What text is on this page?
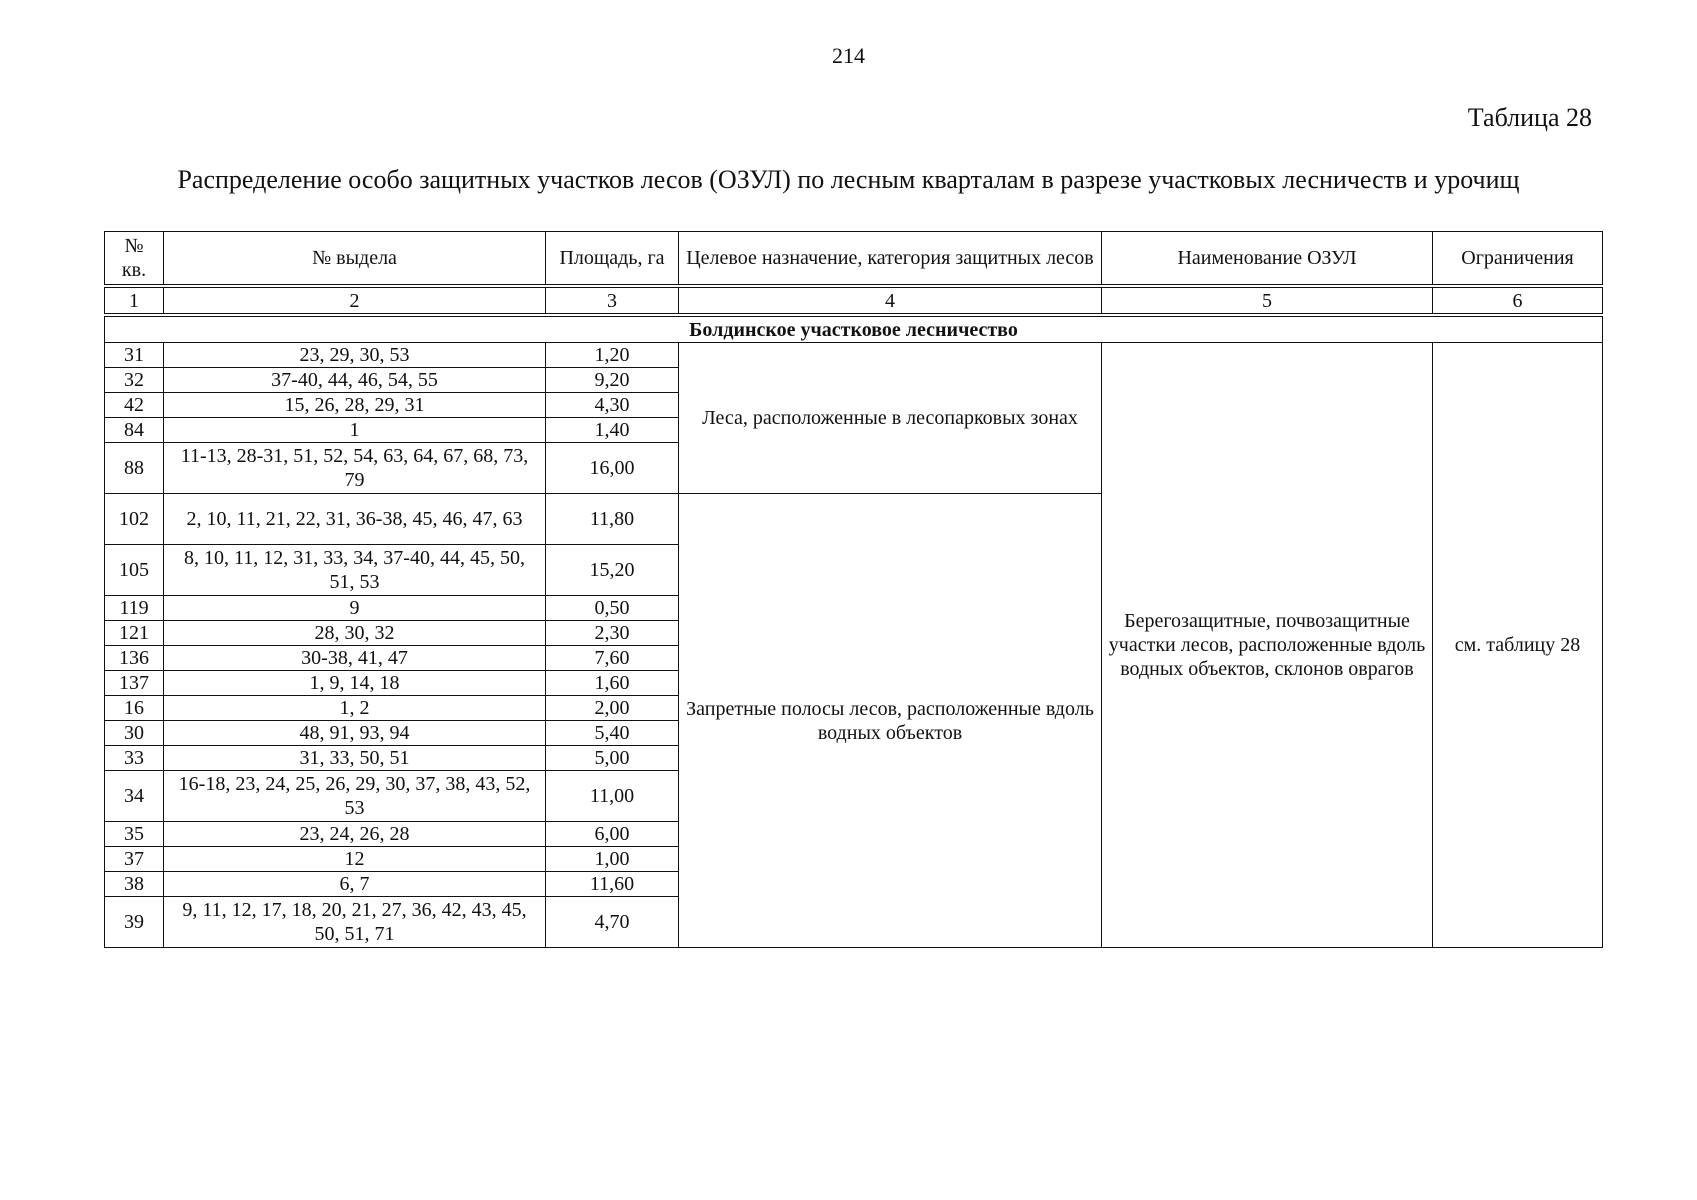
214
Таблица 28
Распределение особо защитных участков лесов (ОЗУЛ) по лесным кварталам в разрезе участковых лесничеств и урочищ
№ кв.	№ выдела	Площадь, га	Целевое назначение, категория защитных лесов	Наименование ОЗУЛ	Ограничения
1	2	3	4	5	6
Болдинское участковое лесничество					
31	23, 29, 30, 53	1,20	Леса, расположенные в лесопарковых зонах	Берегозащитные, почвозащитные участки лесов, расположенные вдоль водных объектов, склонов оврагов	см. таблицу 28
32	37-40, 44, 46, 54, 55	9,20			
42	15, 26, 28, 29, 31	4,30			
84	1	1,40			
88	11-13, 28-31, 51, 52, 54, 63, 64, 67, 68, 73, 79	16,00			
102	2, 10, 11, 21, 22, 31, 36-38, 45, 46, 47, 63	11,80	Запретные полосы лесов, расположенные вдоль водных объектов		
105	8, 10, 11, 12, 31, 33, 34, 37-40, 44, 45, 50, 51, 53	15,20			
119	9	0,50			
121	28, 30, 32	2,30			
136	30-38, 41, 47	7,60			
137	1, 9, 14, 18	1,60			
16	1, 2	2,00			
30	48, 91, 93, 94	5,40			
33	31, 33, 50, 51	5,00			
34	16-18, 23, 24, 25, 26, 29, 30, 37, 38, 43, 52, 53	11,00			
35	23, 24, 26, 28	6,00			
37	12	1,00			
38	6, 7	11,60			
39	9, 11, 12, 17, 18, 20, 21, 27, 36, 42, 43, 45, 50, 51, 71	4,70			
